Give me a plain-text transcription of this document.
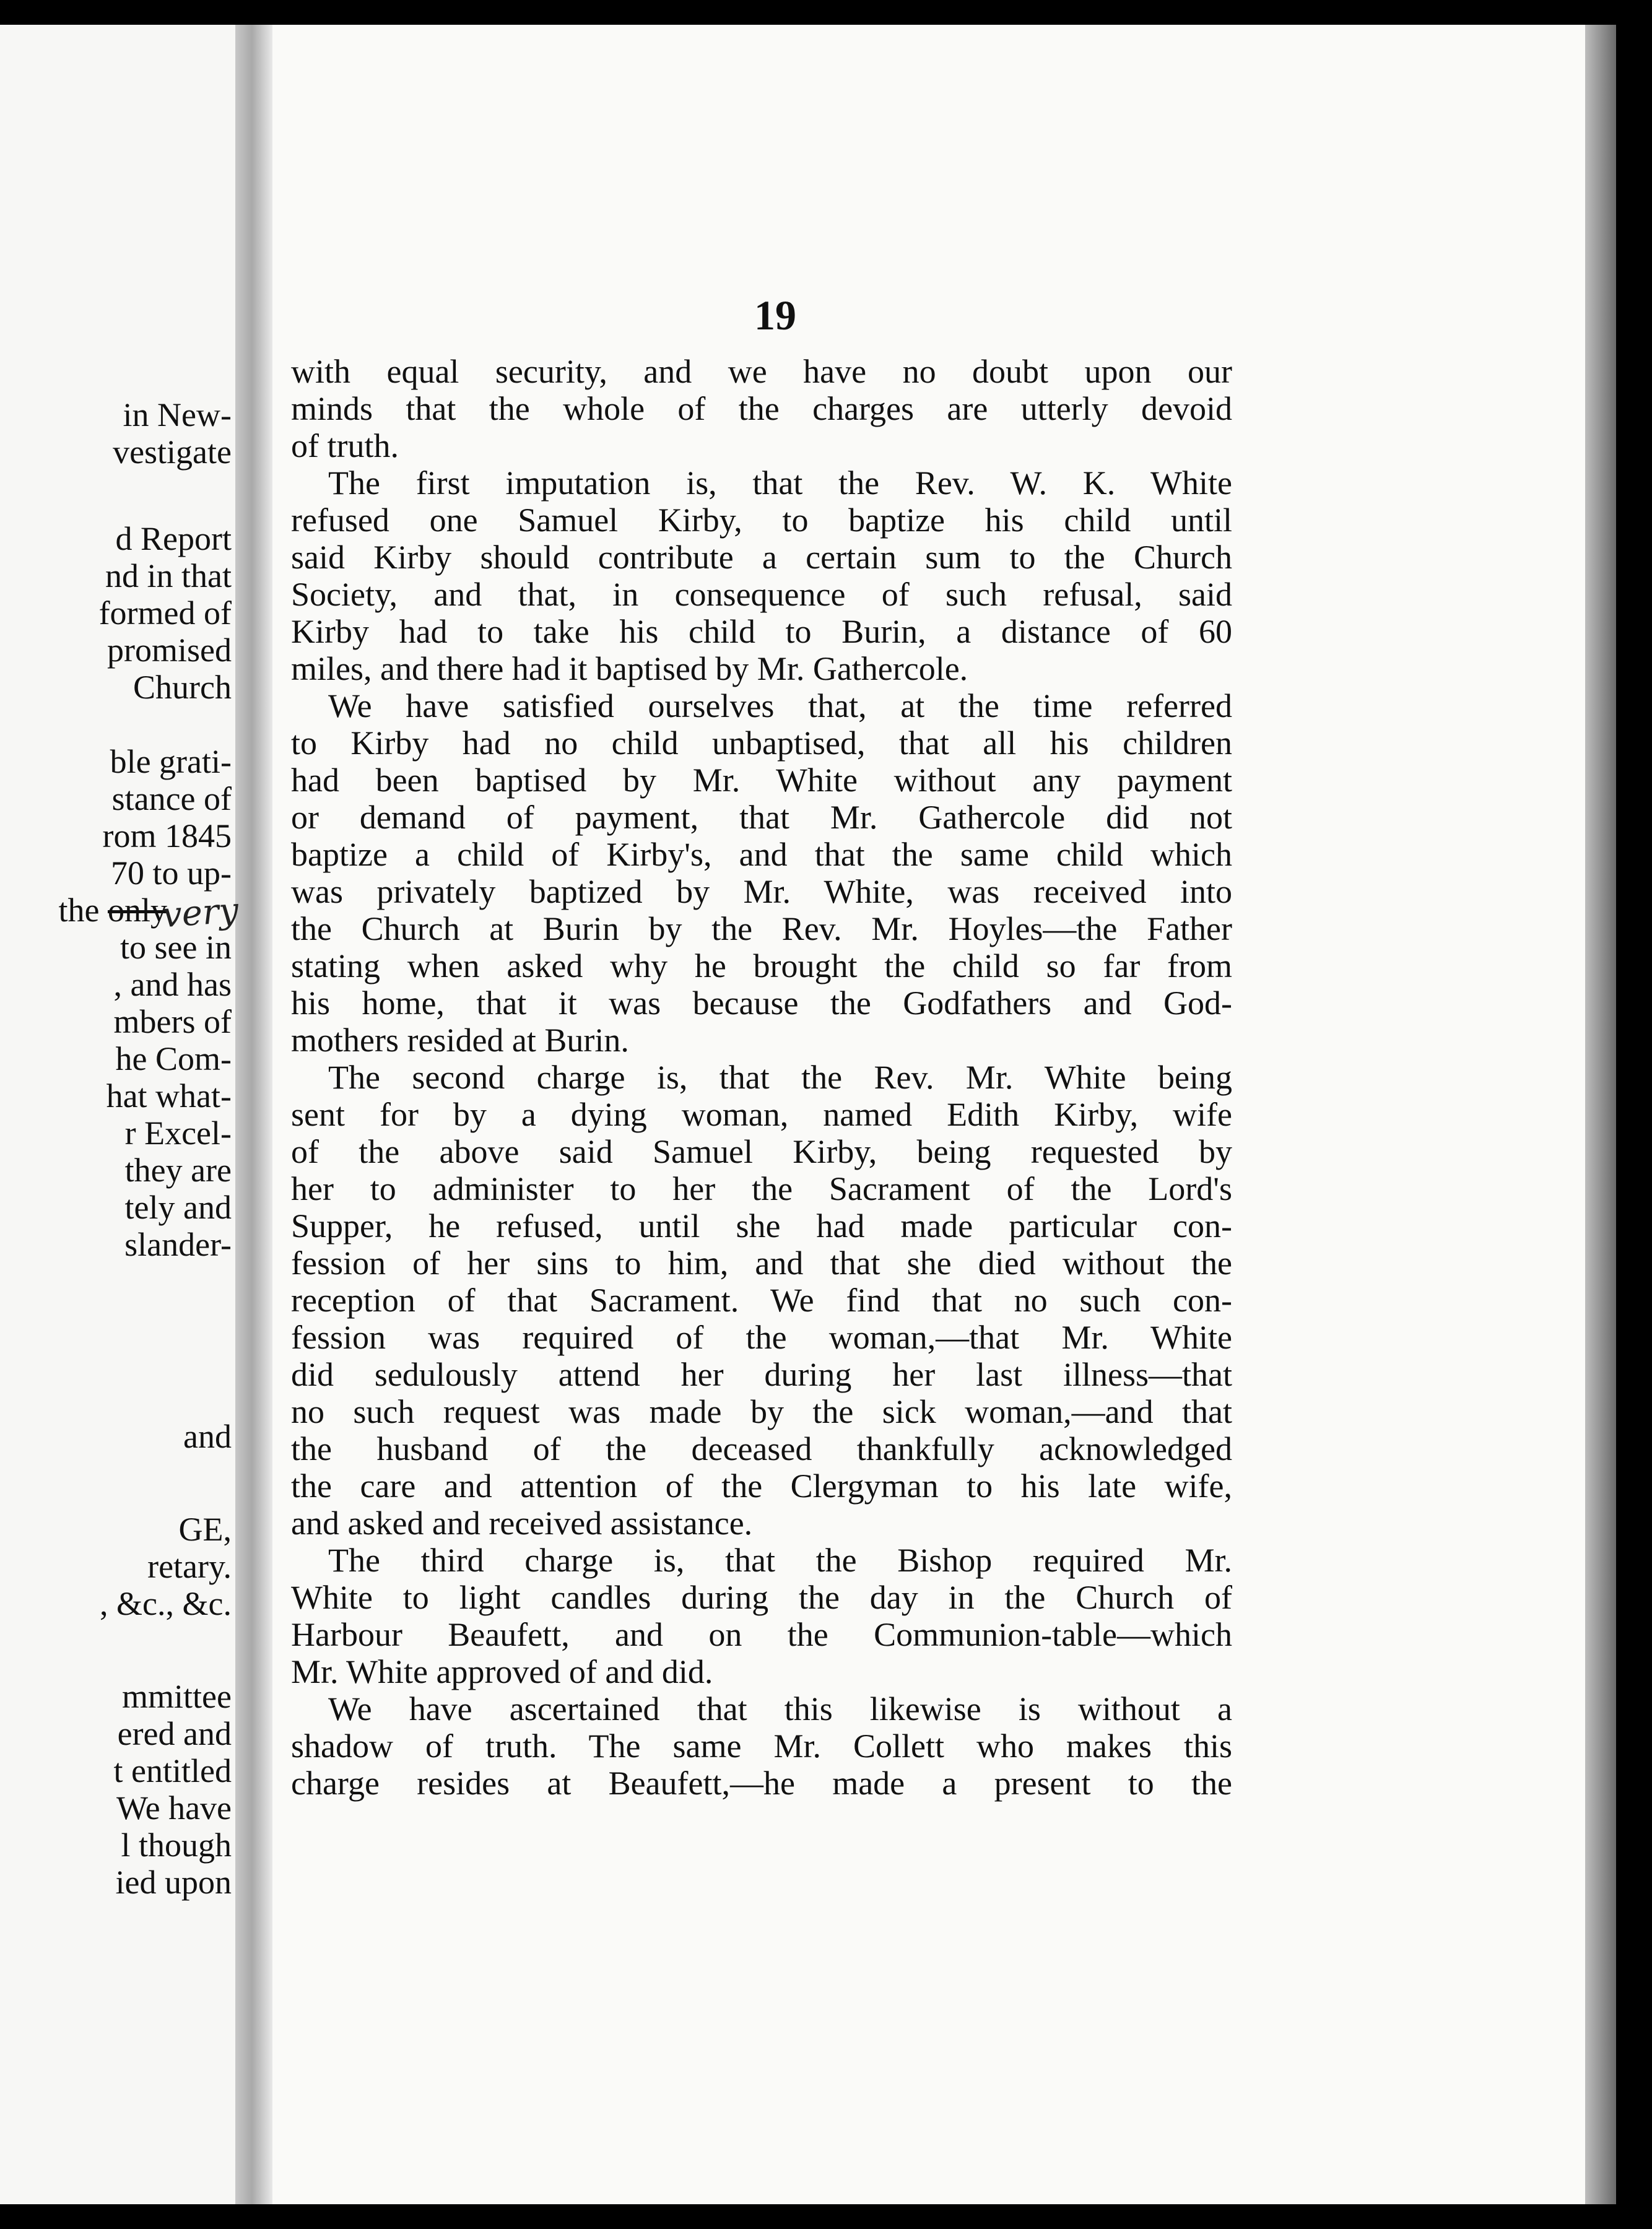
in New-
vestigate
d Report
nd in that
formed of
promised
Church
ble grati-
stance of
rom 1845
70 to up-
the only
to see in
, and has
mbers of
he Com-
hat what-
r Excel-
they are
tely and
slander-
and
GE,
retary.
, &c., &c.
mmittee
ered and
t entitled
We have
l though
ied upon
very
19
with equal security, and we have no doubt upon our
minds that the whole of the charges are utterly devoid
of truth.
The first imputation is, that the Rev. W. K. White
refused one Samuel Kirby, to baptize his child until
said Kirby should contribute a certain sum to the Church
Society, and that, in consequence of such refusal, said
Kirby had to take his child to Burin, a distance of 60
miles, and there had it baptised by Mr. Gathercole.
We have satisfied ourselves that, at the time referred
to Kirby had no child unbaptised, that all his children
had been baptised by Mr. White without any payment
or demand of payment, that Mr. Gathercole did not
baptize a child of Kirby's, and that the same child which
was privately baptized by Mr. White, was received into
the Church at Burin by the Rev. Mr. Hoyles—the Father
stating when asked why he brought the child so far from
his home, that it was because the Godfathers and God-
mothers resided at Burin.
The second charge is, that the Rev. Mr. White being
sent for by a dying woman, named Edith Kirby, wife
of the above said Samuel Kirby, being requested by
her to administer to her the Sacrament of the Lord's
Supper, he refused, until she had made particular con-
fession of her sins to him, and that she died without the
reception of that Sacrament. We find that no such con-
fession was required of the woman,—that Mr. White
did sedulously attend her during her last illness—that
no such request was made by the sick woman,—and that
the husband of the deceased thankfully acknowledged
the care and attention of the Clergyman to his late wife,
and asked and received assistance.
The third charge is, that the Bishop required Mr.
White to light candles during the day in the Church of
Harbour Beaufett, and on the Communion-table—which
Mr. White approved of and did.
We have ascertained that this likewise is without a
shadow of truth. The same Mr. Collett who makes this
charge resides at Beaufett,—he made a present to the
